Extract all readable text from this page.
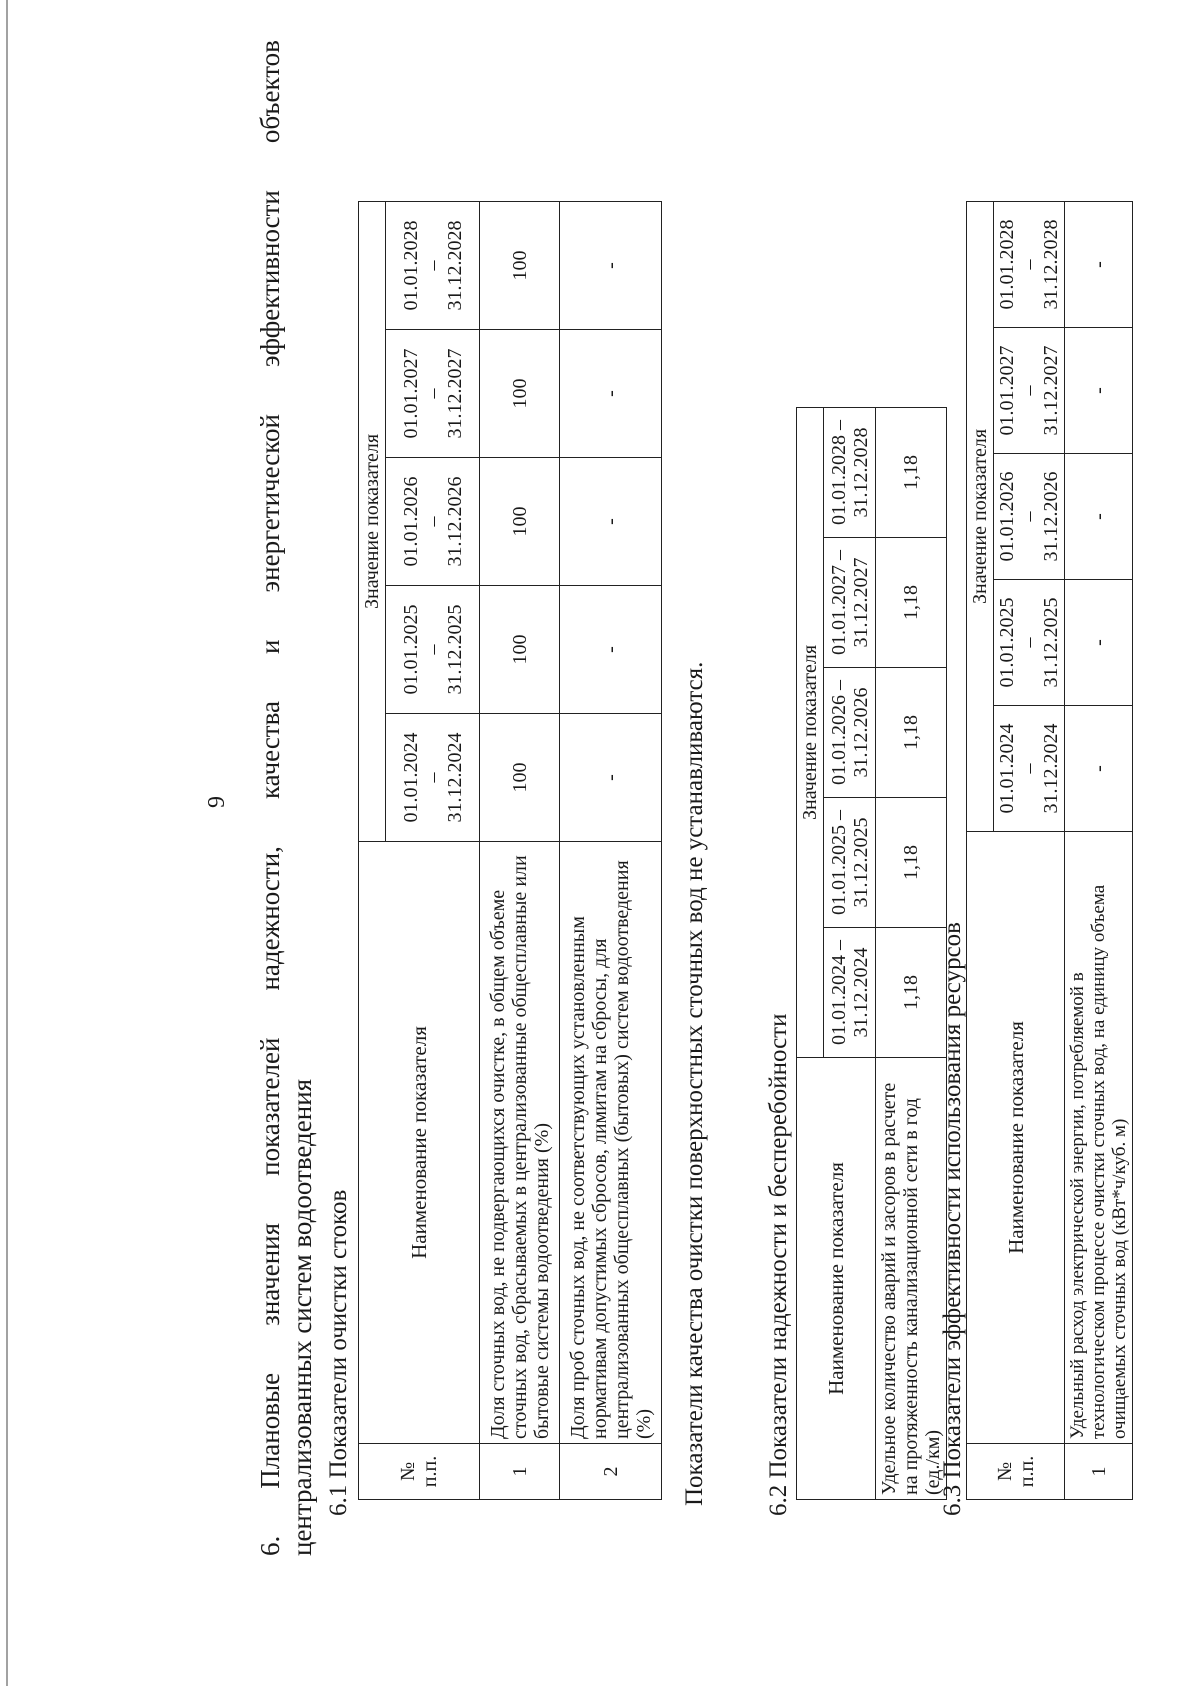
9

6.
Плановые
значения
показателей
надежности,
качества
и
энергетической
эффективности
объектов
централизованных систем водоотведения 6.1 Показатели очистки стоков № п.п.	Наименование показателя	Значение показателя				

		01.01.2024 – 31.12.2024	01.01.2025 – 31.12.2025	01.01.2026 – 31.12.2026	01.01.2027 – 31.12.2027	01.01.2028 – 31.12.2028

1	Доля сточных вод, не подвергающихся очистке, в общем объеме сточных вод, сбрасываемых в централизованные общесплавные или бытовые системы водоотведения (%)	100	100	100	100	100
2	Доля проб сточных вод, не соответствующих установленным нормативам допустимых сбросов, лимитам на сбросы, для централизованных общесплавных (бытовых) систем водоотведения (%)	-	-	-	-	-

Показатели качества очистки поверхностных сточных вод не устанавливаются. 6.2 Показатели надежности и бесперебойности Наименование показателя	Значение показателя				
	01.01.2024 – 31.12.2024	01.01.2025 – 31.12.2025	01.01.2026 – 31.12.2026	01.01.2027 – 31.12.2027	01.01.2028 – 31.12.2028
Удельное количество аварий и засоров в расчете на протяженность канализационной сети в год (ед./км)	1,18	1,18	1,18	1,18	1,18
6.3 Показатели эффективности использования ресурсов № п.п.	Наименование показателя	Значение показателя				

		01.01.2024 – 31.12.2024	01.01.2025 – 31.12.2025	01.01.2026 – 31.12.2026	01.01.2027 – 31.12.2027	01.01.2028 – 31.12.2028

1	Удельный расход электрической энергии, потребляемой в технологическом процессе очистки сточных вод, на единицу объема очищаемых сточных вод (кВт*ч/куб. м)	-	-	-	-	-
